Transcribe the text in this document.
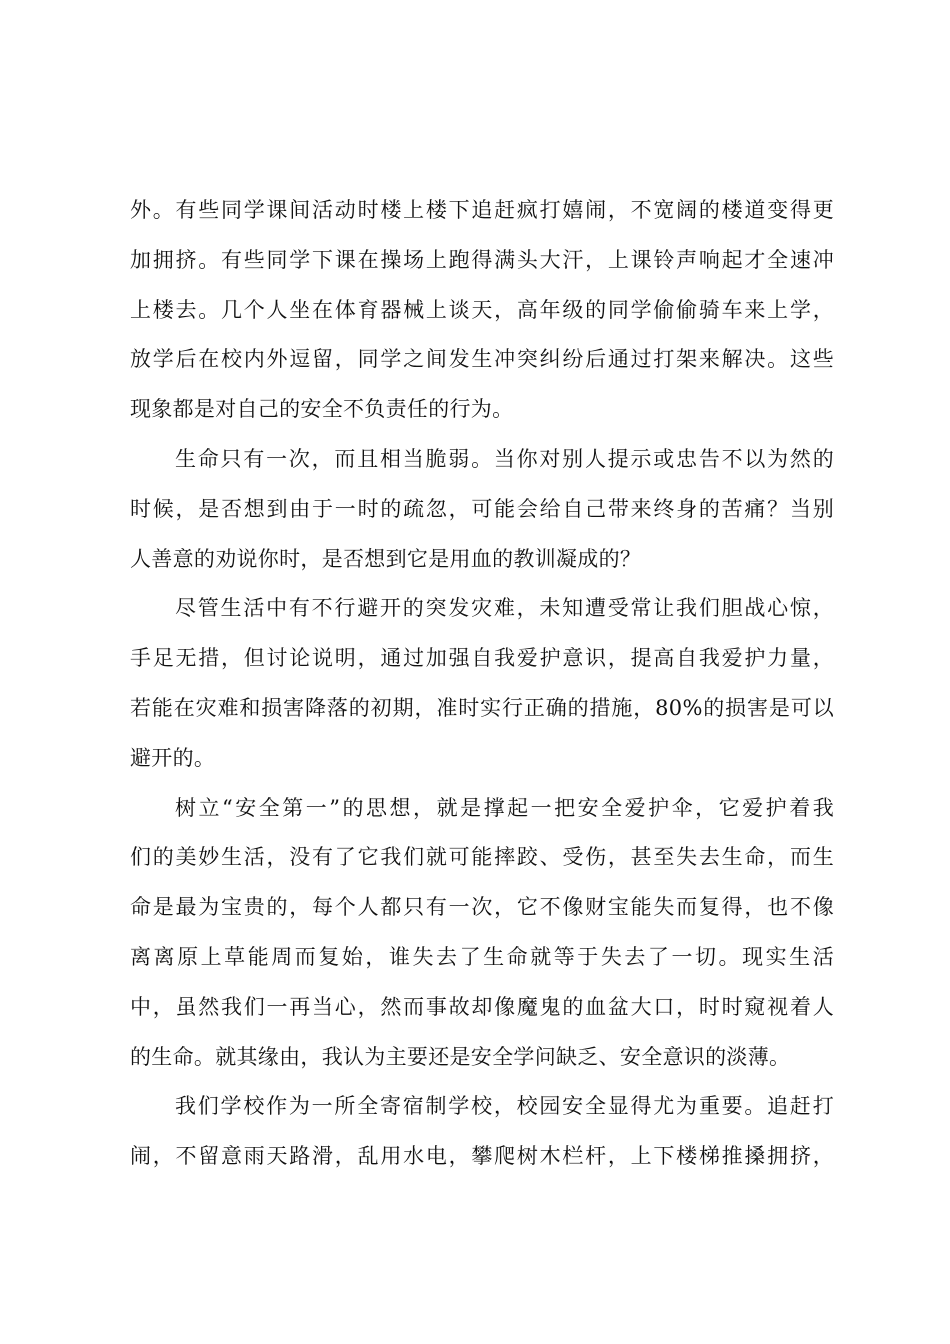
外。有些同学课间活动时楼上楼下追赶疯打嬉闹，不宽阔的楼道变得更
加拥挤。有些同学下课在操场上跑得满头大汗，上课铃声响起才全速冲
上楼去。几个人坐在体育器械上谈天，高年级的同学偷偷骑车来上学，
放学后在校内外逗留，同学之间发生冲突纠纷后通过打架来解决。这些
现象都是对自己的安全不负责任的行为。
生命只有一次，而且相当脆弱。当你对别人提示或忠告不以为然的
时候，是否想到由于一时的疏忽，可能会给自己带来终身的苦痛？当别
人善意的劝说你时，是否想到它是用血的教训凝成的？
尽管生活中有不行避开的突发灾难，未知遭受常让我们胆战心惊，
手足无措，但讨论说明，通过加强自我爱护意识，提高自我爱护力量，
若能在灾难和损害降落的初期，准时实行正确的措施，80%的损害是可以
避开的。
树立“安全第一”的思想，就是撑起一把安全爱护伞，它爱护着我
们的美妙生活，没有了它我们就可能摔跤、受伤，甚至失去生命，而生
命是最为宝贵的，每个人都只有一次，它不像财宝能失而复得，也不像
离离原上草能周而复始，谁失去了生命就等于失去了一切。现实生活
中，虽然我们一再当心，然而事故却像魔鬼的血盆大口，时时窥视着人
的生命。就其缘由，我认为主要还是安全学问缺乏、安全意识的淡薄。
我们学校作为一所全寄宿制学校，校园安全显得尤为重要。追赶打
闹，不留意雨天路滑，乱用水电，攀爬树木栏杆，上下楼梯推搡拥挤，
